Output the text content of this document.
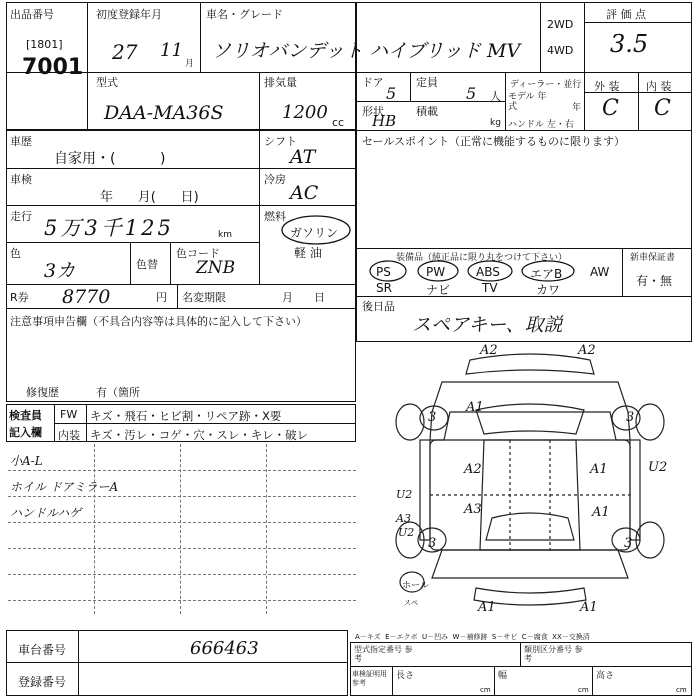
出品番号
[1801]
7001
初度登録年月
27 11
月
車名・グレード
ソリオバンデット ハイブリッド MV
型式
DAA-MA36S
排気量
1200 cc
2WD
4WD
評 価 点
3.5
ドア
5
定員
5 人
形状
HB
積載
kg
ディーラー・並行
モデル 年式	年
ハンドル 左・右
外 装 内 装
C C
車歴
自家用・(          )
シフト
AT
車検
年      月(      日)
冷房
AC
走行 5万3千125	km
燃料
ガソリン
軽 油
色
3カ	色替
色コード
ZNB
R券 8770	円 名変期限	月      日
注意事項申告欄（不具合内容等は具体的に記入して下さい）
修復歴	有（箇所
セールスポイント（正常に機能するものに限ります）
装備品（純正品に限り丸をつけて下さい）	新車保証書
有・無
PS	PW	ABS	エアB AW
SR	ナビ	TV	カワ
後日品
スペアキー、取説
検査員 記入欄
FW キズ・飛石・ヒビ割・リペア跡・X要
内装 キズ・汚レ・コゲ・穴・スレ・キレ・破レ
小A-L
ホイル ドアミラーA
ハンドルハゲ
A2	A2
3
A1
3
A2	A1	U2
A3	A1
U2
A3
U2
3	3
ホール
スペ	A1	A1
A－キズ  E－エクボ  U－凹み  W－補修跡  S－サビ  C－腐食  XX－交換済
車台番号	666463
登録番号
型式指定番号 参考
類別区分番号 参考
車検証明用 参考
長さ	幅	高さ
cm	cm	cm
